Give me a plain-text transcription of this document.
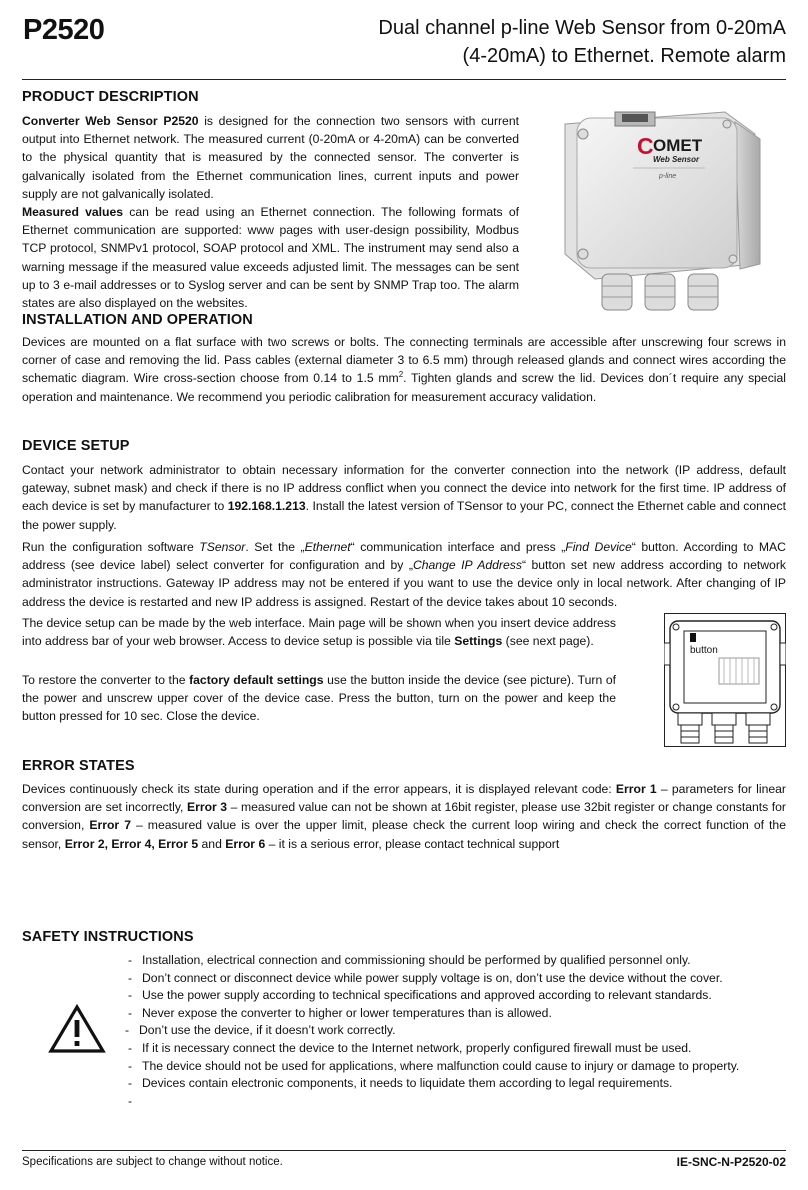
P2520	Dual channel p-line Web Sensor from 0-20mA
(4-20mA) to Ethernet. Remote alarm
PRODUCT DESCRIPTION
Converter Web Sensor P2520 is designed for the connection two sensors with current output into Ethernet network. The measured current (0-20mA or 4-20mA) can be converted to the physical quantity that is measured by the connected sensor. The converter is galvanically isolated from the Ethernet communication lines, current inputs and power supply are not galvanically isolated.
Measured values can be read using an Ethernet connection. The following formats of Ethernet communication are supported: www pages with user-design possibility, Modbus TCP protocol, SNMPv1 protocol, SOAP protocol and XML. The instrument may send also a warning message if the measured value exceeds adjusted limit. The messages can be sent up to 3 e-mail addresses or to Syslog server and can be sent by SNMP Trap too. The alarm states are also displayed on the websites.
C OMET
Web Sensor
p-line
INSTALLATION AND OPERATION
Devices are mounted on a flat surface with two screws or bolts. The connecting terminals are accessible after unscrewing four screws in corner of case and removing the lid. Pass cables (external diameter 3 to 6.5 mm) through released glands and connect wires according the schematic diagram. Wire cross-section choose from 0.14 to 1.5 $mm^2$. Tighten glands and screw the lid. Devices don´t require any special operation and maintenance. We recommend you periodic calibration for measurement accuracy validation.
DEVICE SETUP
Contact your network administrator to obtain necessary information for the converter connection into the network (IP address, default gateway, subnet mask) and check if there is no IP address conflict when you connect the device into network for the first time. IP address of each device is set by manufacturer to 192.168.1.213. Install the latest version of TSensor to your PC, connect the Ethernet cable and connect the power supply.
Run the configuration software TSensor. Set the „Ethernet“ communication interface and press „Find Device“ button. According to MAC address (see device label) select converter for configuration and by „Change IP Address“ button set new address according to network administrator instructions. Gateway IP address may not be entered if you want to use the device only in local network. After changing of IP address the device is restarted and new IP address is assigned. Restart of the device takes about 10 seconds.
The device setup can be made by the web interface. Main page will be shown when you insert device address into address bar of your web browser. Access to device setup is possible via tile Settings (see next page).
To restore the converter to the factory default settings use the button inside the device (see picture). Turn of the power and unscrew upper cover of the device case. Press the button, turn on the power and keep the button pressed for 10 sec. Close the device.
button
ERROR STATES
Devices continuously check its state during operation and if the error appears, it is displayed relevant code: Error 1 – parameters for linear conversion are set incorrectly, Error 3 – measured value can not be shown at 16bit register, please use 32bit register or change constants for conversion, Error 7 – measured value is over the upper limit, please check the current loop wiring and check the correct function of the sensor, Error 2, Error 4, Error 5 and Error 6 – it is a serious error, please contact technical support
SAFETY INSTRUCTIONS
- Installation, electrical connection and commissioning should be performed by qualified personnel only.
- Don’t connect or disconnect device while power supply voltage is on, don’t use the device without the cover.
- Use the power supply according to technical specifications and approved according to relevant standards.
- Never expose the converter to higher or lower temperatures than is allowed.
- Don’t use the device, if it doesn’t work correctly.
- If it is necessary connect the device to the Internet network, properly configured firewall must be used.
- The device should not be used for applications, where malfunction could cause to injury or damage to property.
- Devices contain electronic components, it needs to liquidate them according to legal requirements.
-
Specifications are subject to change without notice.	IE-SNC-N-P2520-02
